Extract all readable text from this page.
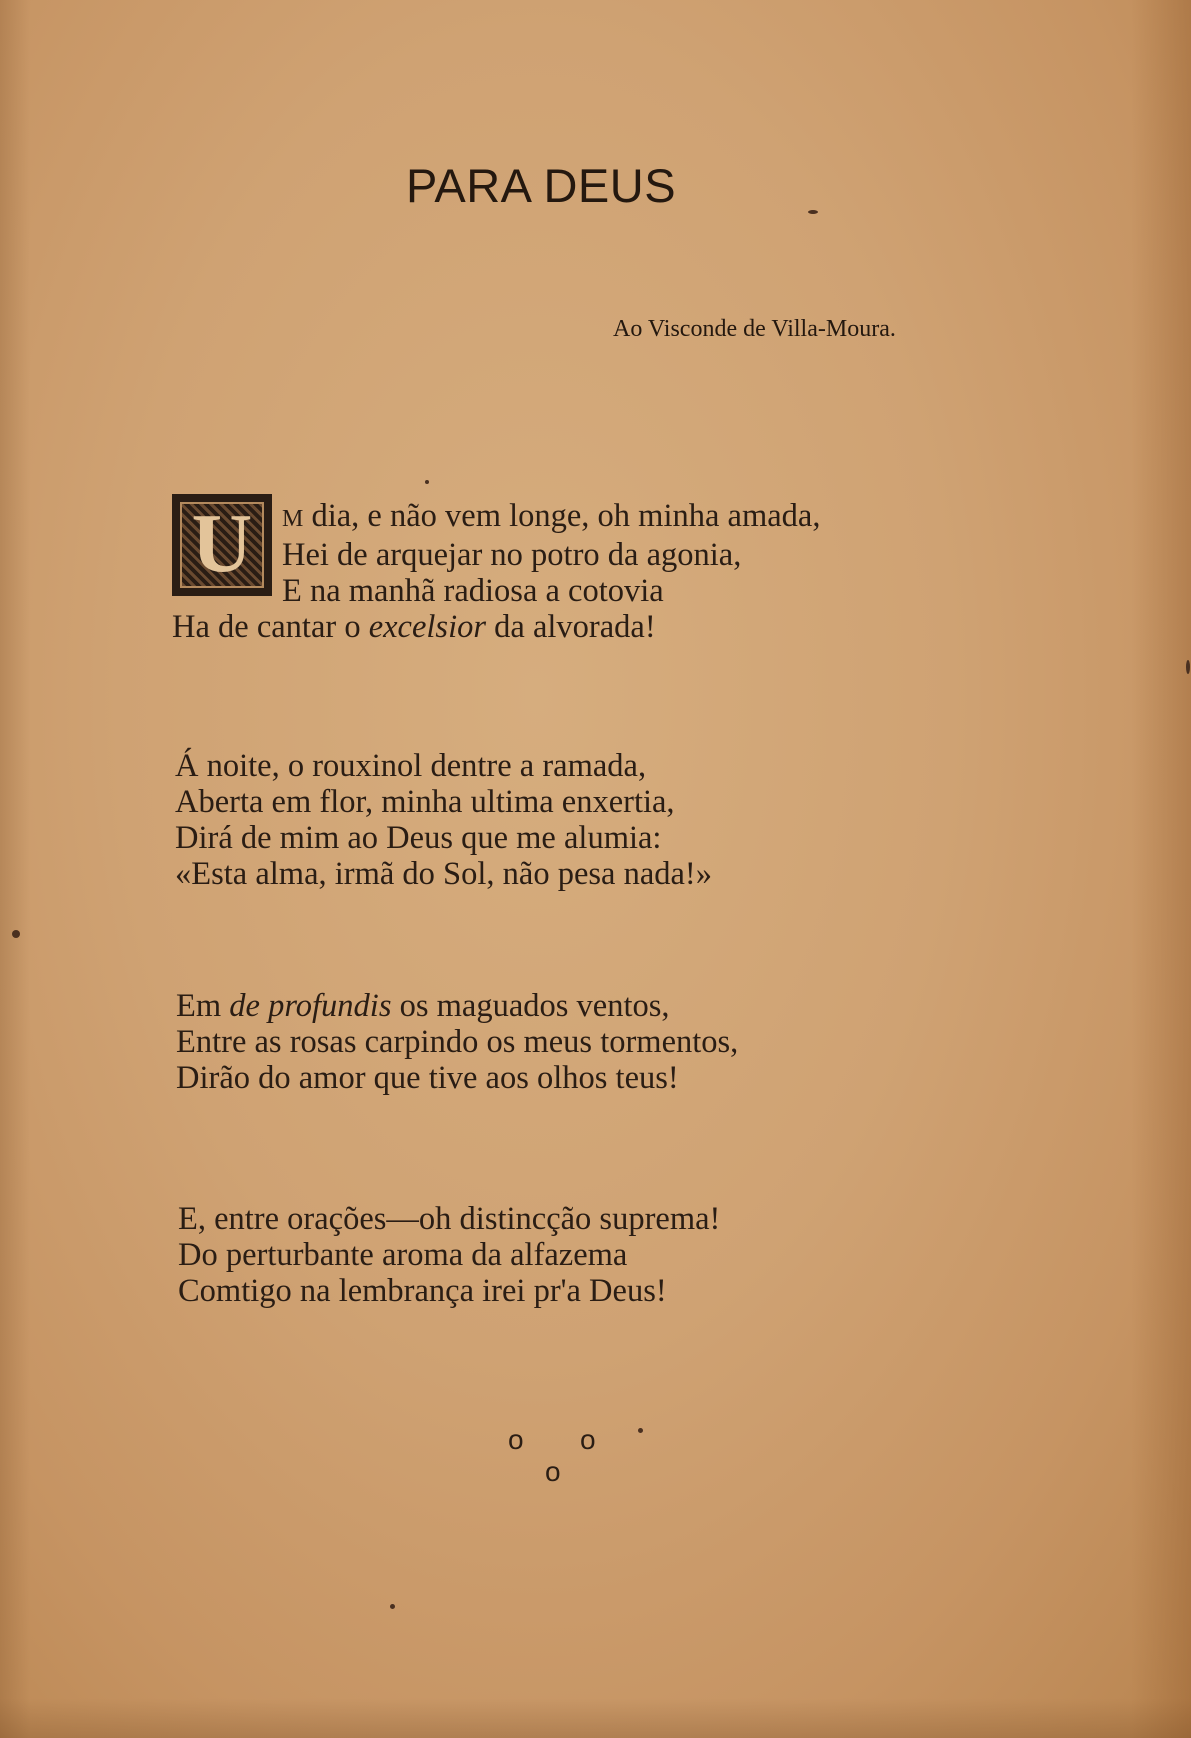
PARA DEUS
Ao Visconde de Villa-Moura.
U	M dia, e não vem longe, oh minha amada,
Hei de arquejar no potro da agonia,
E na manhã radiosa a cotovia
Ha de cantar o excelsior da alvorada!
Á noite, o rouxinol dentre a ramada,
Aberta em flor, minha ultima enxertia,
Dirá de mim ao Deus que me alumia:
«Esta alma, irmã do Sol, não pesa nada!»
Em de profundis os maguados ventos,
Entre as rosas carpindo os meus tormentos,
Dirão do amor que tive aos olhos teus!
E, entre orações—oh distincção suprema!
Do perturbante aroma da alfazema
Comtigo na lembrança irei pr'a Deus!
o o
o
